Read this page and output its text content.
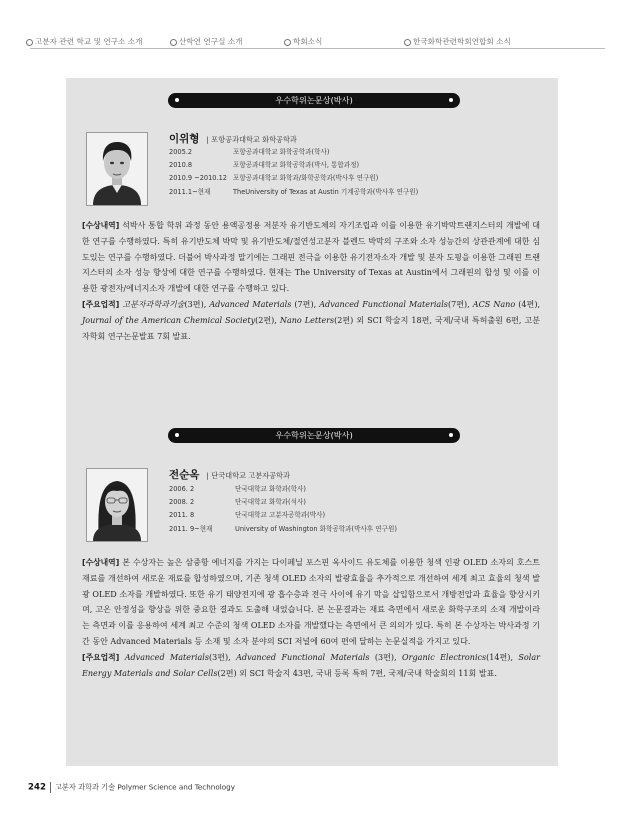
고분자 관련 학교 및 연구소 소개	산학연 연구실 소개	학회소식	한국화학관련학회연합회 소식
우수학위논문상(박사)
이위형 | 포항공과대학교 화학공학과
2005.2	포항공과대학교 화학공학과(학사)
2010.8	포항공과대학교 화학공학과(박사, 통합과정)
2010.9 ~2010.12 포항공과대학교 화학과/화학공학과(박사후 연구원)
2011.1~현재	TheUniversity of Texas at Austin 기계공학과(박사후 연구원)

[수상내역] 석박사 통합 학위 과정 동안 용액공정용 저분자 유기반도체의 자기조립과 이를 이용한 유기박막트랜지스터의 개발에 대한 연구를 수행하였다. 특히 유기반도체 박막 및 유기반도체/절연성고분자 블렌드 박막의 구조와 소자 성능간의 상관관계에 대한 심도있는 연구를 수행하였다. 더불어 박사과정 말기에는 그래핀 전극을 이용한 유기전자소자 개발 및 분자 도핑을 이용한 그래핀 트랜지스터의 소자 성능 향상에 대한 연구를 수행하였다. 현재는 The University of Texas at Austin에서 그래핀의 합성 및 이를 이용한 광전자/에너지소자 개발에 대한 연구를 수행하고 있다.

[주요업적] 고분자과학과기술(3편), Advanced Materials (7편), Advanced Functional Materials(7편), ACS Nano (4편), Journal of the American Chemical Society(2편), Nano Letters(2편) 외 SCI 학술지 18편, 국제/국내 특허출원 6편, 고분자학회 연구논문발표 7회 발표.

우수학위논문상(박사)
전순옥 | 단국대학교 고분자공학과
2006. 2	단국대학교 화학과(학사)
2008. 2	단국대학교 화학과(석사)
2011. 8	단국대학교 고분자공학과(박사)
2011. 9~현재	University of Washington 화학공학과(박사후 연구원)

[수상내역] 본 수상자는 높은 삼중항 에너지를 가지는 다이페닐 포스핀 옥사이드 유도체를 이용한 청색 인광 OLED 소자의 호스트 재료를 개선하여 새로운 재료를 합성하였으며, 기존 청색 OLED 소자의 발광효율을 추가적으로 개선하여 세계 최고 효율의 청색 발광 OLED 소자를 개발하였다. 또한 유기 태양전지에 광 흡수층과 전극 사이에 유기 막을 삽입함으로서 개방전압과 효율을 향상시키며, 고온 안정성을 향상을 위한 중요한 결과도 도출해 내었습니다. 본 논문결과는 재료 측면에서 새로운 화학구조의 소재 개발이라는 측면과 이를 응용하여 세계 최고 수준의 청색 OLED 소자를 개발했다는 측면에서 큰 의의가 있다. 특히 본 수상자는 박사과정 기간 동안 Advanced Materials 등 소재 및 소자 분야의 SCI 저널에 60여 편에 달하는 논문실적을 가지고 있다.

[주요업적] Advanced Materials(3편), Advanced Functional Materials (3편), Organic Electronics(14편), Solar Energy Materials and Solar Cells(2편) 외 SCI 학술지 43편, 국내 등록 특허 7편, 국제/국내 학술회의 11회 발표.

242 고분자 과학과 기술 Polymer Science and Technology
